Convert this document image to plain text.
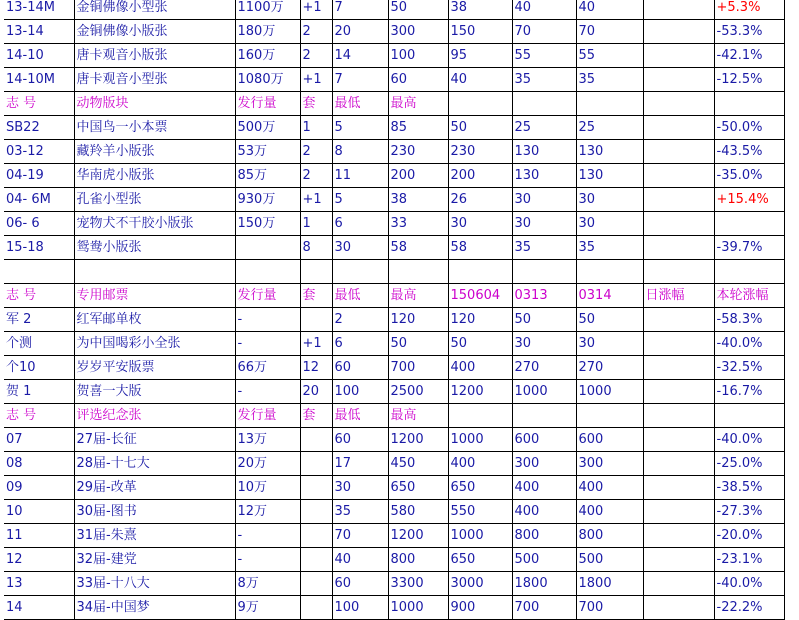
13-14M	金铜佛像小型张	1100万	+1	7	50	38	40	40		+5.3%
13-14	金铜佛像小版张	180万	2	20	300	150	70	70		-53.3%
14-10	唐卡观音小版张	160万	2	14	100	95	55	55		-42.1%
14-10M	唐卡观音小型张	1080万	+1	7	60	40	35	35		-12.5%
志 号	动物版块	发行量	套	最低	最高					
SB22	中国鸟一小本票	500万	1	5	85	50	25	25		-50.0%
03-12	藏羚羊小版张	53万	2	8	230	230	130	130		-43.5%
04-19	华南虎小版张	85万	2	11	200	200	130	130		-35.0%
04- 6M	孔雀小型张	930万	+1	5	38	26	30	30		+15.4%
06- 6	宠物犬不干胶小版张	150万	1	6	33	30	30	30		
15-18	鸳鸯小版张		8	30	58	58	35	35		-39.7%

志 号	专用邮票	发行量	套	最低	最高	150604	0313	0314	日涨幅	本轮涨幅
军 2	红军邮单枚	-		2	120	120	50	50		-58.3%
个测	为中国喝彩小全张	-	+1	6	50	50	30	30		-40.0%
个10	岁岁平安版票	66万	12	60	700	400	270	270		-32.5%
贺 1	贺喜一大版	-	20	100	2500	1200	1000	1000		-16.7%
志 号	评选纪念张	发行量	套	最低	最高					
07	27届-长征	13万		60	1200	1000	600	600		-40.0%
08	28届-十七大	20万		17	450	400	300	300		-25.0%
09	29届-改革	10万		30	650	650	400	400		-38.5%
10	30届-图书	12万		35	580	550	400	400		-27.3%
11	31届-朱熹	-		70	1200	1000	800	800		-20.0%
12	32届-建党	-		40	800	650	500	500		-23.1%
13	33届-十八大	8万		60	3300	3000	1800	1800		-40.0%
14	34届-中国梦	9万		100	1000	900	700	700		-22.2%
